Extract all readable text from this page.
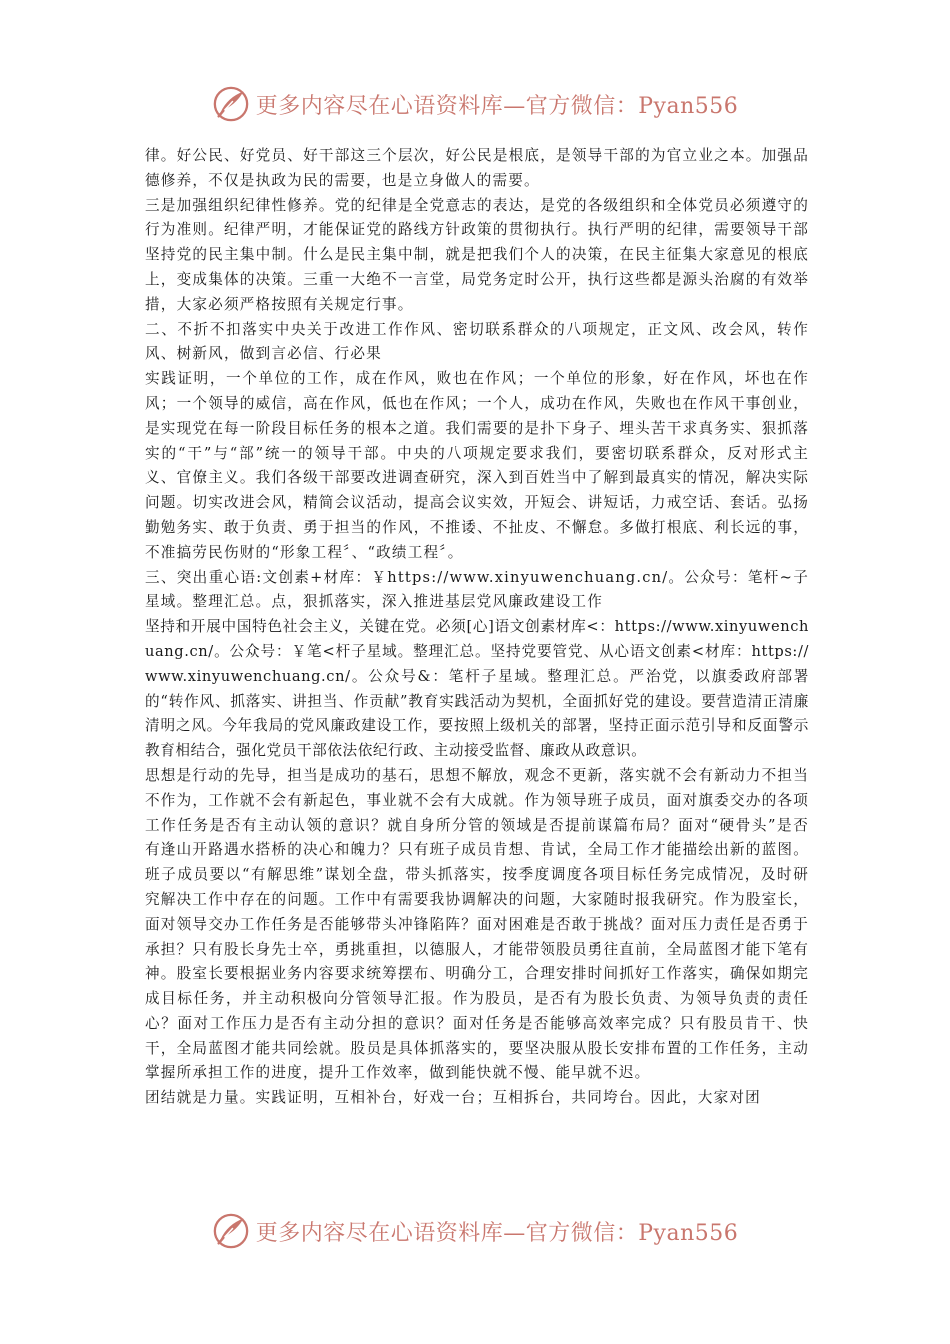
更多内容尽在心语资料库—官方微信：Pyan556

律。好公民、好党员、好干部这三个层次，好公民是根底，是领导干部的为官立业之本。加强品德修养，不仅是执政为民的需要，也是立身做人的需要。

三是加强组织纪律性修养。党的纪律是全党意志的表达，是党的各级组织和全体党员必须遵守的行为准则。纪律严明，才能保证党的路线方针政策的贯彻执行。执行严明的纪律，需要领导干部坚持党的民主集中制。什么是民主集中制，就是把我们个人的决策，在民主征集大家意见的根底上，变成集体的决策。三重一大绝不一言堂，局党务定时公开，执行这些都是源头治腐的有效举措，大家必须严格按照有关规定行事。

二、不折不扣落实中央关于改进工作作风、密切联系群众的八项规定，正文风、改会风，转作风、树新风，做到言必信、行必果

实践证明，一个单位的工作，成在作风，败也在作风；一个单位的形象，好在作风，坏也在作风；一个领导的威信，高在作风，低也在作风；一个人，成功在作风，失败也在作风干事创业，是实现党在每一阶段目标任务的根本之道。我们需要的是扑下身子、埋头苦干求真务实、狠抓落实的“干”与“部”统一的领导干部。中央的八项规定要求我们，要密切联系群众，反对形式主义、官僚主义。我们各级干部要改进调查研究，深入到百姓当中了解到最真实的情况，解决实际问题。切实改进会风，精简会议活动，提高会议实效，开短会、讲短话，力戒空话、套话。弘扬勤勉务实、敢于负责、勇于担当的作风，不推诿、不扯皮、不懈怠。多做打根底、利长远的事，不准搞劳民伤财的“形象工程〞、“政绩工程〞。

三、突出重心语:文创素+材库：￥https://www.xinyuwenchuang.cn/。公众号：笔杆~子星域。整理汇总。点，狠抓落实，深入推进基层党风廉政建设工作

坚持和开展中国特色社会主义，关键在党。必须[心]语文创素材库<：https://www.xinyuwenchuang.cn/。公众号：￥笔<杆子星域。整理汇总。坚持党要管党、从心语文创素<材库：https://www.xinyuwenchuang.cn/。公众号&：笔杆子星域。整理汇总。严治党，以旗委政府部署的“转作风、抓落实、讲担当、作贡献”教育实践活动为契机，全面抓好党的建设。要营造清正清廉清明之风。今年我局的党风廉政建设工作，要按照上级机关的部署，坚持正面示范引导和反面警示教育相结合，强化党员干部依法依纪行政、主动接受监督、廉政从政意识。

思想是行动的先导，担当是成功的基石，思想不解放，观念不更新，落实就不会有新动力不担当不作为，工作就不会有新起色，事业就不会有大成就。作为领导班子成员，面对旗委交办的各项工作任务是否有主动认领的意识？就自身所分管的领域是否提前谋篇布局？面对“硬骨头”是否有逢山开路遇水搭桥的决心和魄力？只有班子成员肯想、肯试，全局工作才能描绘出新的蓝图。班子成员要以“有解思维”谋划全盘，带头抓落实，按季度调度各项目标任务完成情况，及时研究解决工作中存在的问题。工作中有需要我协调解决的问题，大家随时报我研究。作为股室长，面对领导交办工作任务是否能够带头冲锋陷阵？面对困难是否敢于挑战？面对压力责任是否勇于承担？只有股长身先士卒，勇挑重担，以德服人，才能带领股员勇往直前，全局蓝图才能下笔有神。股室长要根据业务内容要求统筹摆布、明确分工，合理安排时间抓好工作落实，确保如期完成目标任务，并主动积极向分管领导汇报。作为股员，是否有为股长负责、为领导负责的责任心？面对工作压力是否有主动分担的意识？面对任务是否能够高效率完成？只有股员肯干、快干，全局蓝图才能共同绘就。股员是具体抓落实的，要坚决服从股长安排布置的工作任务，主动掌握所承担工作的进度，提升工作效率，做到能快就不慢、能早就不迟。

团结就是力量。实践证明，互相补台，好戏一台；互相拆台，共同垮台。因此，大家对团

更多内容尽在心语资料库—官方微信：Pyan556
